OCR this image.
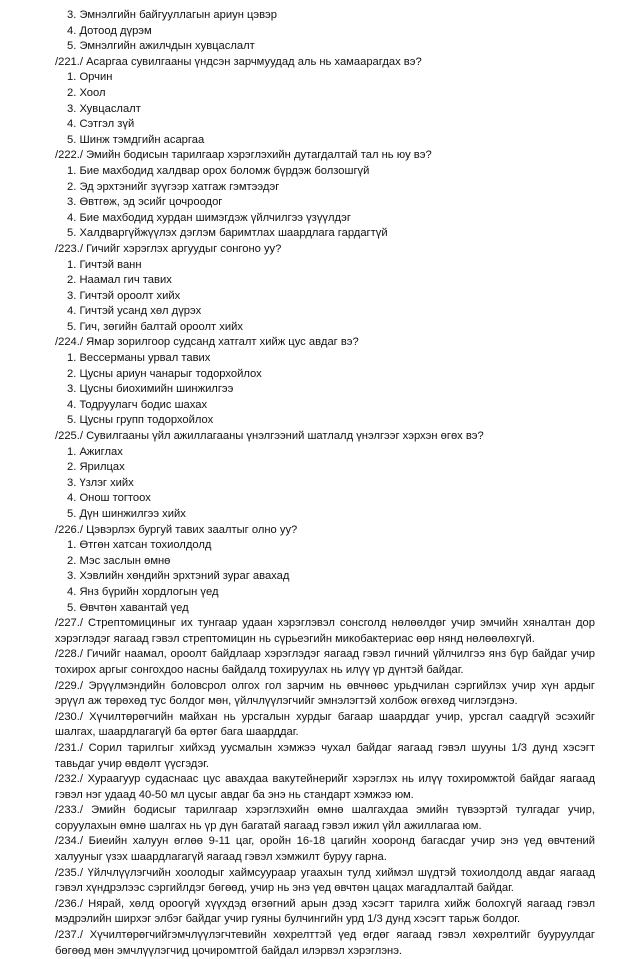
3. Эмнэлгийн байгууллагын ариун цэвэр
4. Дотоод дүрэм
5. Эмнэлгийн ажилчдын хувцаслалт
/221./ Асаргаа сувилгааны үндсэн зарчмуудад аль нь хамаарагдах вэ?
1. Орчин
2. Хоол
3. Хувцаслалт
4. Сэтгэл зүй
5. Шинж тэмдгийн асаргаа
/222./ Эмийн бодисын тарилгаар хэрэглэхийн дутагдалтай тал нь юу вэ?
1. Бие махбодид халдвар орох боломж бүрдэж болзошгүй
2. Эд эрхтэнийг зүүгээр хатгаж гэмтээдэг
3. Өвтгөж, эд эсийг цочроодог
4. Бие махбодид хурдан шимэгдэж үйлчилгээ үзүүлдэг
5. Халдваргүйжүүлэх дэглэм баримтлах шаардлага гардагтүй
/223./ Гичийг хэрэглэх аргуудыг сонгоно уу?
1. Гичтэй ванн
2. Наамал гич тавих
3. Гичтэй ороолт хийх
4. Гичтэй усанд хөл дүрэх
5. Гич, зөгийн балтай ороолт хийх
/224./ Ямар зорилгоор судсанд хатгалт хийж цус авдаг вэ?
1. Вессерманы урвал тавих
2. Цусны ариун чанарыг тодорхойлох
3. Цусны биохимийн шинжилгээ
4. Тодруулагч бодис шахах
5. Цусны групп тодорхойлох
/225./ Сувилгааны үйл ажиллагааны үнэлгээний шатлалд үнэлгээг хэрхэн өгөх вэ?
1. Ажиглах
2. Ярилцах
3. Үзлэг хийх
4. Онош тогтоох
5. Дүн шинжилгээ хийх
/226./ Цэвэрлэх бургуй тавих заалтыг олно уу?
1. Өтгөн хатсан тохиолдолд
2. Мэс заслын өмнө
3. Хэвлийн хөндийн эрхтэний зураг авахад
4. Янз бүрийн хордлогын үед
5. Өвчтөн хавантай үед
/227./ Стрептомициныг их тунгаар удаан хэрэглэвэл сонсголд нөлөөлдөг учир эмчийн хяналтан дор хэрэглэдэг яагаад гэвэл стрептомицин нь сүрьеэгийн микобактериас өөр нянд нөлөөлөхгүй.
/228./ Гичийг наамал, ороолт байдлаар хэрэглэдэг яагаад гэвэл гичний үйлчилгээ янз бүр байдаг учир тохирох аргыг сонгохдоо насны байдалд тохируулах нь илүү үр дүнтэй байдаг.
/229./ Эрүүлмэндийн боловсрол олгох гол зарчим нь өвчнөөс урьдчилан сэргийлэх учир хүн ардыг эрүүл аж төрөхөд тус болдог мөн, үйлчлүүлэгчийг эмнэлэгтэй холбож өгөхөд чиглэгдэнэ.
/230./ Хүчилтөрөгчийн майхан нь урсгалын хурдыг багаар шаарддаг учир, урсгал саадгүй эсэхийг шалгах, шаардлагагүй ба өртөг бага шаарддаг.
/231./ Сорил тарилгыг хийхэд уусмалын хэмжээ чухал байдаг яагаад гэвэл шууны 1/3 дунд хэсэгт тавьдаг учир өвдөлт үүсгэдэг.
/232./ Хураагуур судаснаас цус авахдаа вакутейнерийг хэрэглэх нь илүү тохиромжтой байдаг яагаад гэвэл нэг удаад 40-50 мл цусыг авдаг ба энэ нь стандарт хэмжээ юм.
/233./ Эмийн бодисыг тарилгаар хэрэглэхийн өмнө шалгахдаа эмийн түвээртэй тулгадаг учир, соруулахын өмнө шалгах нь үр дүн багатай яагаад гэвэл ижил үйл ажиллагаа юм.
/234./ Биеийн халуун өглөө 9-11 цаг, оройн 16-18 цагийн хооронд багасдаг учир энэ үед өвчтений халууныг үзэх шаардлагагүй яагаад гэвэл хэмжилт буруу гарна.
/235./ Үйлчлүүлэгчийн хоолодыг хаймсуураар угаахын тулд хиймэл шүдтэй тохиолдолд авдаг яагаад гэвэл хүндрэлээс сэргийлдэг бөгөөд, учир нь энэ үед өвчтөн цацах магадлалтай байдаг.
/236./ Нярай, хөлд ороогүй хүүхдэд өгзөгний арын дээд хэсэгт тарилга хийж болохгүй яагаад гэвэл мэдрэлийн ширхэг элбэг байдаг учир гуяны булчингийн урд 1/3 дунд хэсэгт тарьж болдог.
/237./ Хүчилтөрөгчийгэмчлүүлэгчтевийн хөхрелттэй үед өгдөг яагаад гэвэл хөхрөлтийг бууруулдаг бөгөөд мөн эмчлүүлэгчид цочиромтгой байдал илэрвэл хэрэглэнэ.
